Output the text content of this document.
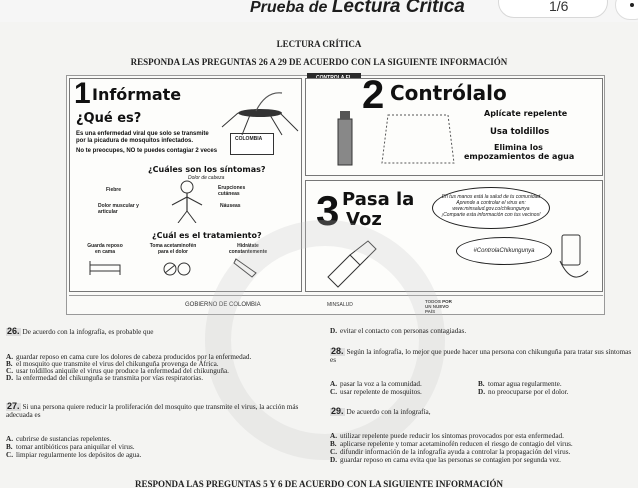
Prueba de Lectura Crítica	1/6
LECTURA CRÍTICA
RESPONDA LAS PREGUNTAS 26 A 29 DE ACUERDO CON LA SIGUIENTE INFORMACIÓN

1 Infórmate
¿Qué es?
Es una enfermedad viral que solo se transmite
por la picadura de mosquitos infectados.
No te preocupes, NO te puedes contagiar 2 veces
COLOMBIA
¿Cuáles son los síntomas?
Dolor de cabeza
Fiebre	Erupciones cutáneas
Dolor muscular y articular
Náuseas
¿Cuál es el tratamiento?
Guarda reposo en cama
Toma acetaminofén para el dolor
Hidrátate constantemente
2 Contrólalo
Aplícate repelente
Usa toldillos
Elimina los
empozamientos de agua
3 Pasa la
Voz
En tus manos está la salud de tu comunidad
Aprende a controlar el virus en:
www.minsalud.gov.co/chikungunya
¡Comparte esta información con tus vecinos!
#ControlaChikungunya
GOBIERNO DE COLOMBIA	MINSALUD
TODOS POR UN NUEVO PAÍS
26. De acuerdo con la infografía, es probable que
A. guardar reposo en cama cure los dolores de cabeza producidos por la enfermedad.
B. el mosquito que transmite el virus del chikunguña provenga de África.
C. usar toldillos aniquile el virus que produce la enfermedad del chikunguña.
D. la enfermedad del chikunguña se transmita por vías respiratorias.
27. Si una persona quiere reducir la proliferación del mosquito que transmite el virus, la acción más adecuada es
A. cubrirse de sustancias repelentes.
B. tomar antibióticos para aniquilar el virus.
C. limpiar regularmente los depósitos de agua.
D. evitar el contacto con personas contagiadas.
28. Según la infografía, lo mejor que puede hacer una persona con chikunguña para tratar sus síntomas es
A. pasar la voz a la comunidad.	B. tomar agua regularmente.
C. usar repelente de mosquitos.	D. no preocuparse por el dolor.
29. De acuerdo con la infografía,
A. utilizar repelente puede reducir los síntomas provocados por esta enfermedad.
B. aplicarse repelente y tomar acetaminofén reducen el riesgo de contagio del virus.
C. difundir información de la infografía ayuda a controlar la propagación del virus.
D. guardar reposo en cama evita que las personas se contagien por segunda vez.
RESPONDA LAS PREGUNTAS 5 Y 6 DE ACUERDO CON LA SIGUIENTE INFORMACIÓN
